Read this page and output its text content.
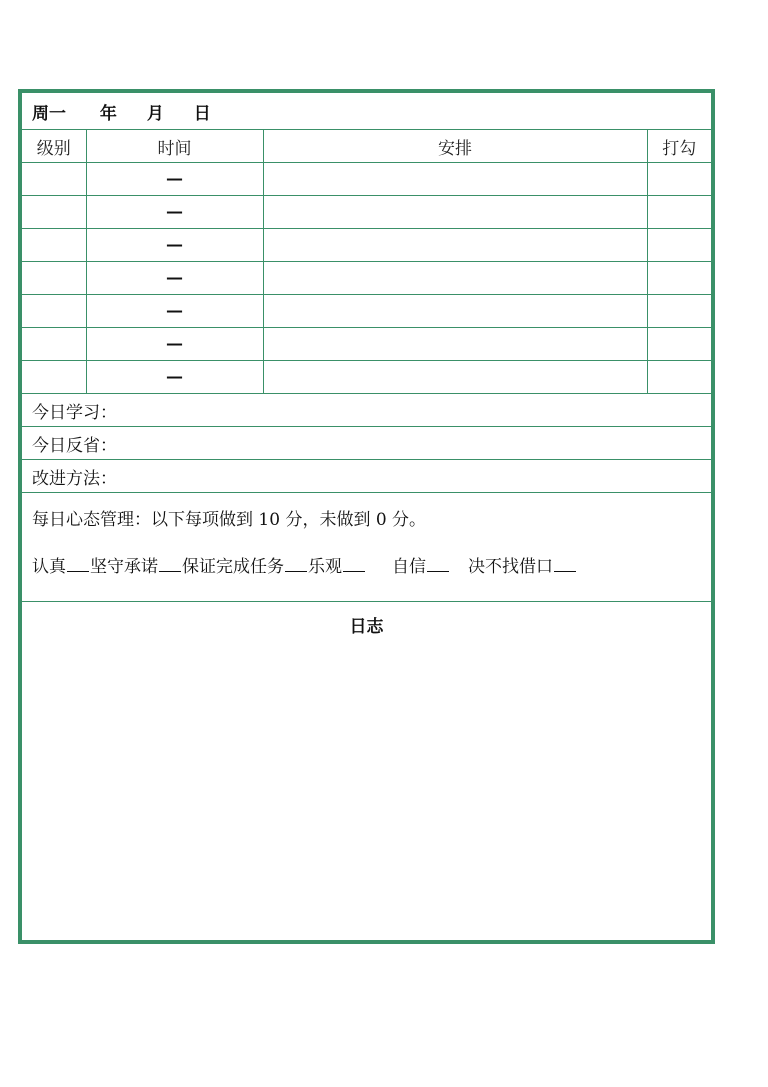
周一 年 月 日			
级别	时间	安排	打勾
	—		
	—		
	—		
	—		
	—		
	—		
	—		
今日学习：			
今日反省：			
改进方法：			

每日心态管理：以下每项做到 10 分，未做到 0 分。
认真 坚守承诺 保证完成任务 乐观 自信 决不找借口			
日志
